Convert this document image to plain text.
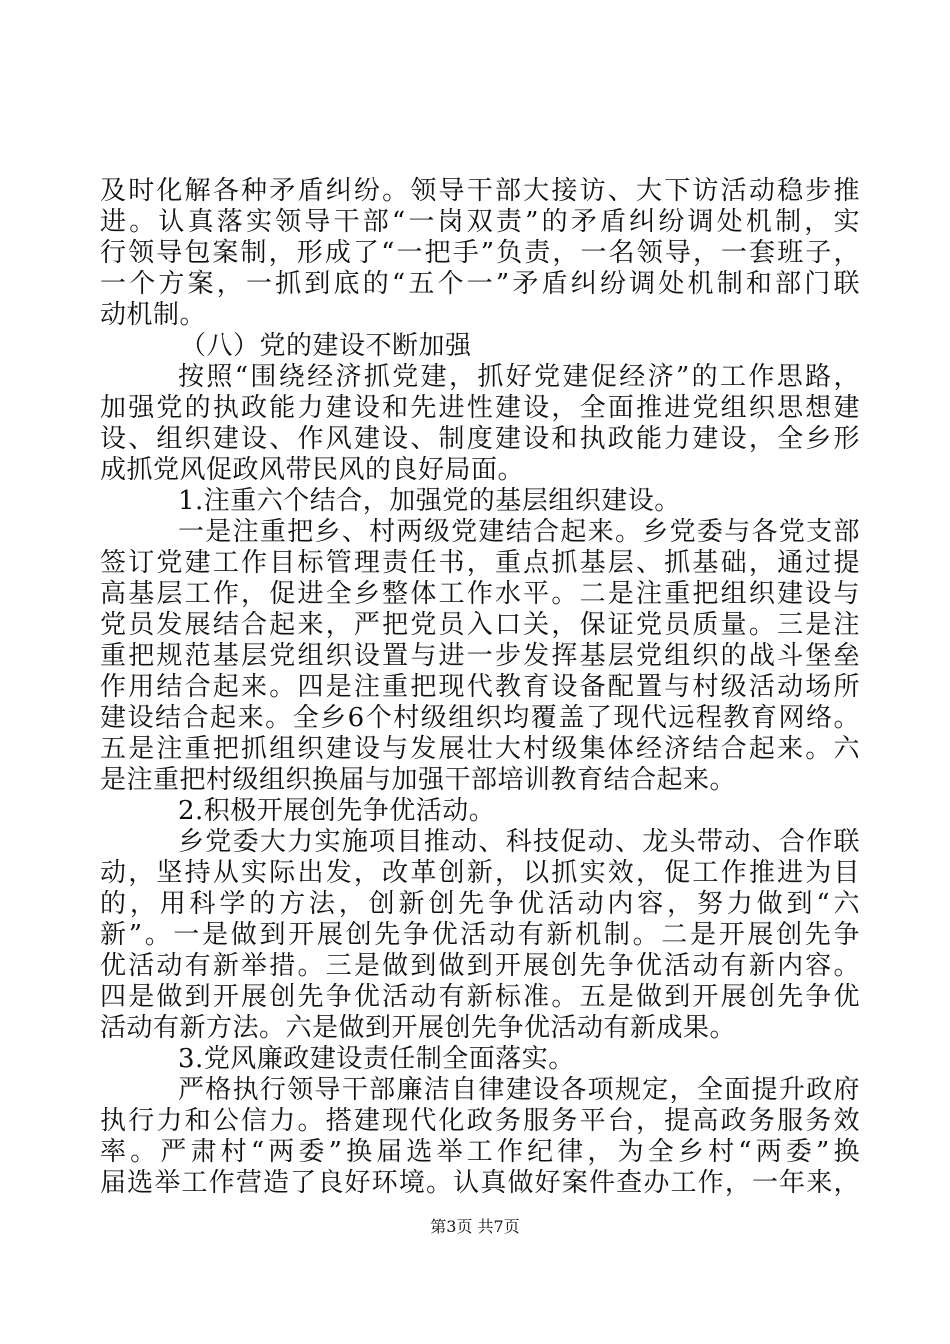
及时化解各种矛盾纠纷。领导干部大接访、大下访活动稳步推
进。认真落实领导干部“一岗双责”的矛盾纠纷调处机制，实
行领导包案制，形成了“一把手”负责，一名领导，一套班子，
一个方案，一抓到底的“五个一”矛盾纠纷调处机制和部门联
动机制。
（八）党的建设不断加强
按照“围绕经济抓党建，抓好党建促经济”的工作思路，
加强党的执政能力建设和先进性建设，全面推进党组织思想建
设、组织建设、作风建设、制度建设和执政能力建设，全乡形
成抓党风促政风带民风的良好局面。
1.注重六个结合，加强党的基层组织建设。
一是注重把乡、村两级党建结合起来。乡党委与各党支部
签订党建工作目标管理责任书，重点抓基层、抓基础，通过提
高基层工作，促进全乡整体工作水平。二是注重把组织建设与
党员发展结合起来，严把党员入口关，保证党员质量。三是注
重把规范基层党组织设置与进一步发挥基层党组织的战斗堡垒
作用结合起来。四是注重把现代教育设备配置与村级活动场所
建设结合起来。全乡6个村级组织均覆盖了现代远程教育网络。
五是注重把抓组织建设与发展壮大村级集体经济结合起来。六
是注重把村级组织换届与加强干部培训教育结合起来。
2.积极开展创先争优活动。
乡党委大力实施项目推动、科技促动、龙头带动、合作联
动，坚持从实际出发，改革创新，以抓实效，促工作推进为目
的，用科学的方法，创新创先争优活动内容，努力做到“六
新”。一是做到开展创先争优活动有新机制。二是开展创先争
优活动有新举措。三是做到做到开展创先争优活动有新内容。
四是做到开展创先争优活动有新标准。五是做到开展创先争优
活动有新方法。六是做到开展创先争优活动有新成果。
3.党风廉政建设责任制全面落实。
严格执行领导干部廉洁自律建设各项规定，全面提升政府
执行力和公信力。搭建现代化政务服务平台，提高政务服务效
率。严肃村“两委”换届选举工作纪律，为全乡村“两委”换
届选举工作营造了良好环境。认真做好案件查办工作，一年来，
第3页 共7页
